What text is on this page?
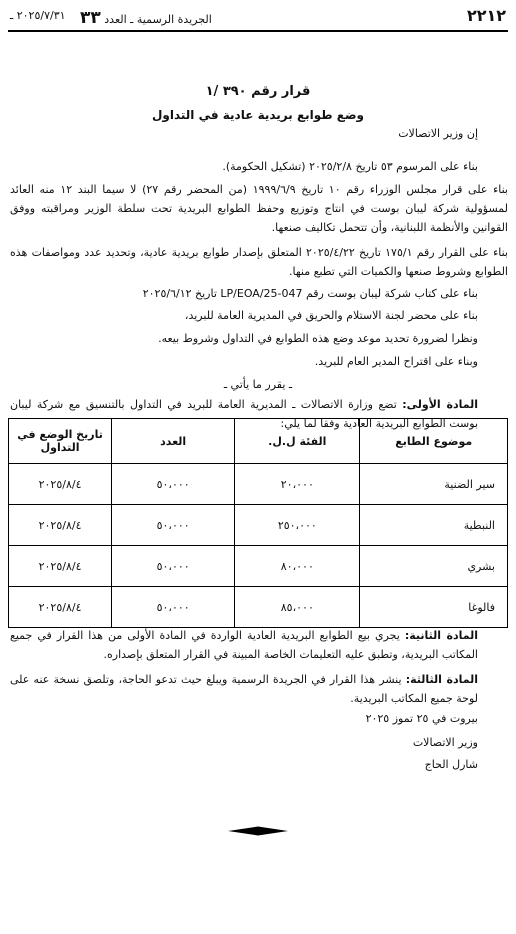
٢٢١٢
الجريدة الرسمية ـ العدد ٣٣
٢٠٢٥/٧/٣١ ـ
قرار رقم ٣٩٠ /١
وضع طوابع بريدية عادية في التداول
إن وزير الاتصالات
بناء على المرسوم ٥٣ تاريخ ٢٠٢٥/٢/٨ (تشكيل الحكومة).
بناء على قرار مجلس الوزراء رقم ١٠ تاريخ ١٩٩٩/٦/٩ (من المحضر رقم ٢٧) لا سيما البند ١٢ منه العائد لمسؤولية شركة ليبان بوست في انتاج وتوزيع وحفظ الطوابع البريدية تحت سلطة الوزير ومراقبته ووفق القوانين والأنظمة اللبنانية، وأن تتحمل تكاليف صنعها.
بناء على القرار رقم ١٧٥/١ تاريخ ٢٠٢٥/٤/٢٢ المتعلق بإصدار طوابع بريدية عادية، وتحديد عدد ومواصفات هذه الطوابع وشروط صنعها والكميات التي تطبع منها.
بناء على كتاب شركة ليبان بوست رقم LP/EOA/25-047 تاريخ ٢٠٢٥/٦/١٢
بناء على محضر لجنة الاستلام والحريق في المديرية العامة للبريد،
ونظرا لضرورة تحديد موعد وضع هذه الطوابع في التداول وشروط بيعه.
وبناء على اقتراح المدير العام للبريد.
ـ يقرر ما يأتي ـ
المادة الأولى: تضع وزارة الاتصالات ـ المديرية العامة للبريد في التداول بالتنسيق مع شركة ليبان بوست الطوابع البريدية العادية وفقا لما يلي:
موضوع الطابع	الفئة ل.ل.	العدد	تاريخ الوضع في التداول
سير الضنية	٢٠،٠٠٠	٥٠،٠٠٠	٢٠٢٥/٨/٤
النبطية	٢٥٠،٠٠٠	٥٠،٠٠٠	٢٠٢٥/٨/٤
بشري	٨٠،٠٠٠	٥٠،٠٠٠	٢٠٢٥/٨/٤
فالوغا	٨٥،٠٠٠	٥٠،٠٠٠	٢٠٢٥/٨/٤
المادة الثانية: يجري بيع الطوابع البريدية العادية الواردة في المادة الأولى من هذا القرار في جميع المكاتب البريدية، وتطبق عليه التعليمات الخاصة المبينة في القرار المتعلق بإصداره.
المادة الثالثة: ينشر هذا القرار في الجريدة الرسمية ويبلغ حيث تدعو الحاجة، وتلصق نسخة عنه على لوحة جميع المكاتب البريدية.
بيروت في ٢٥ تموز ٢٠٢٥
وزير الاتصالات
شارل الحاج
